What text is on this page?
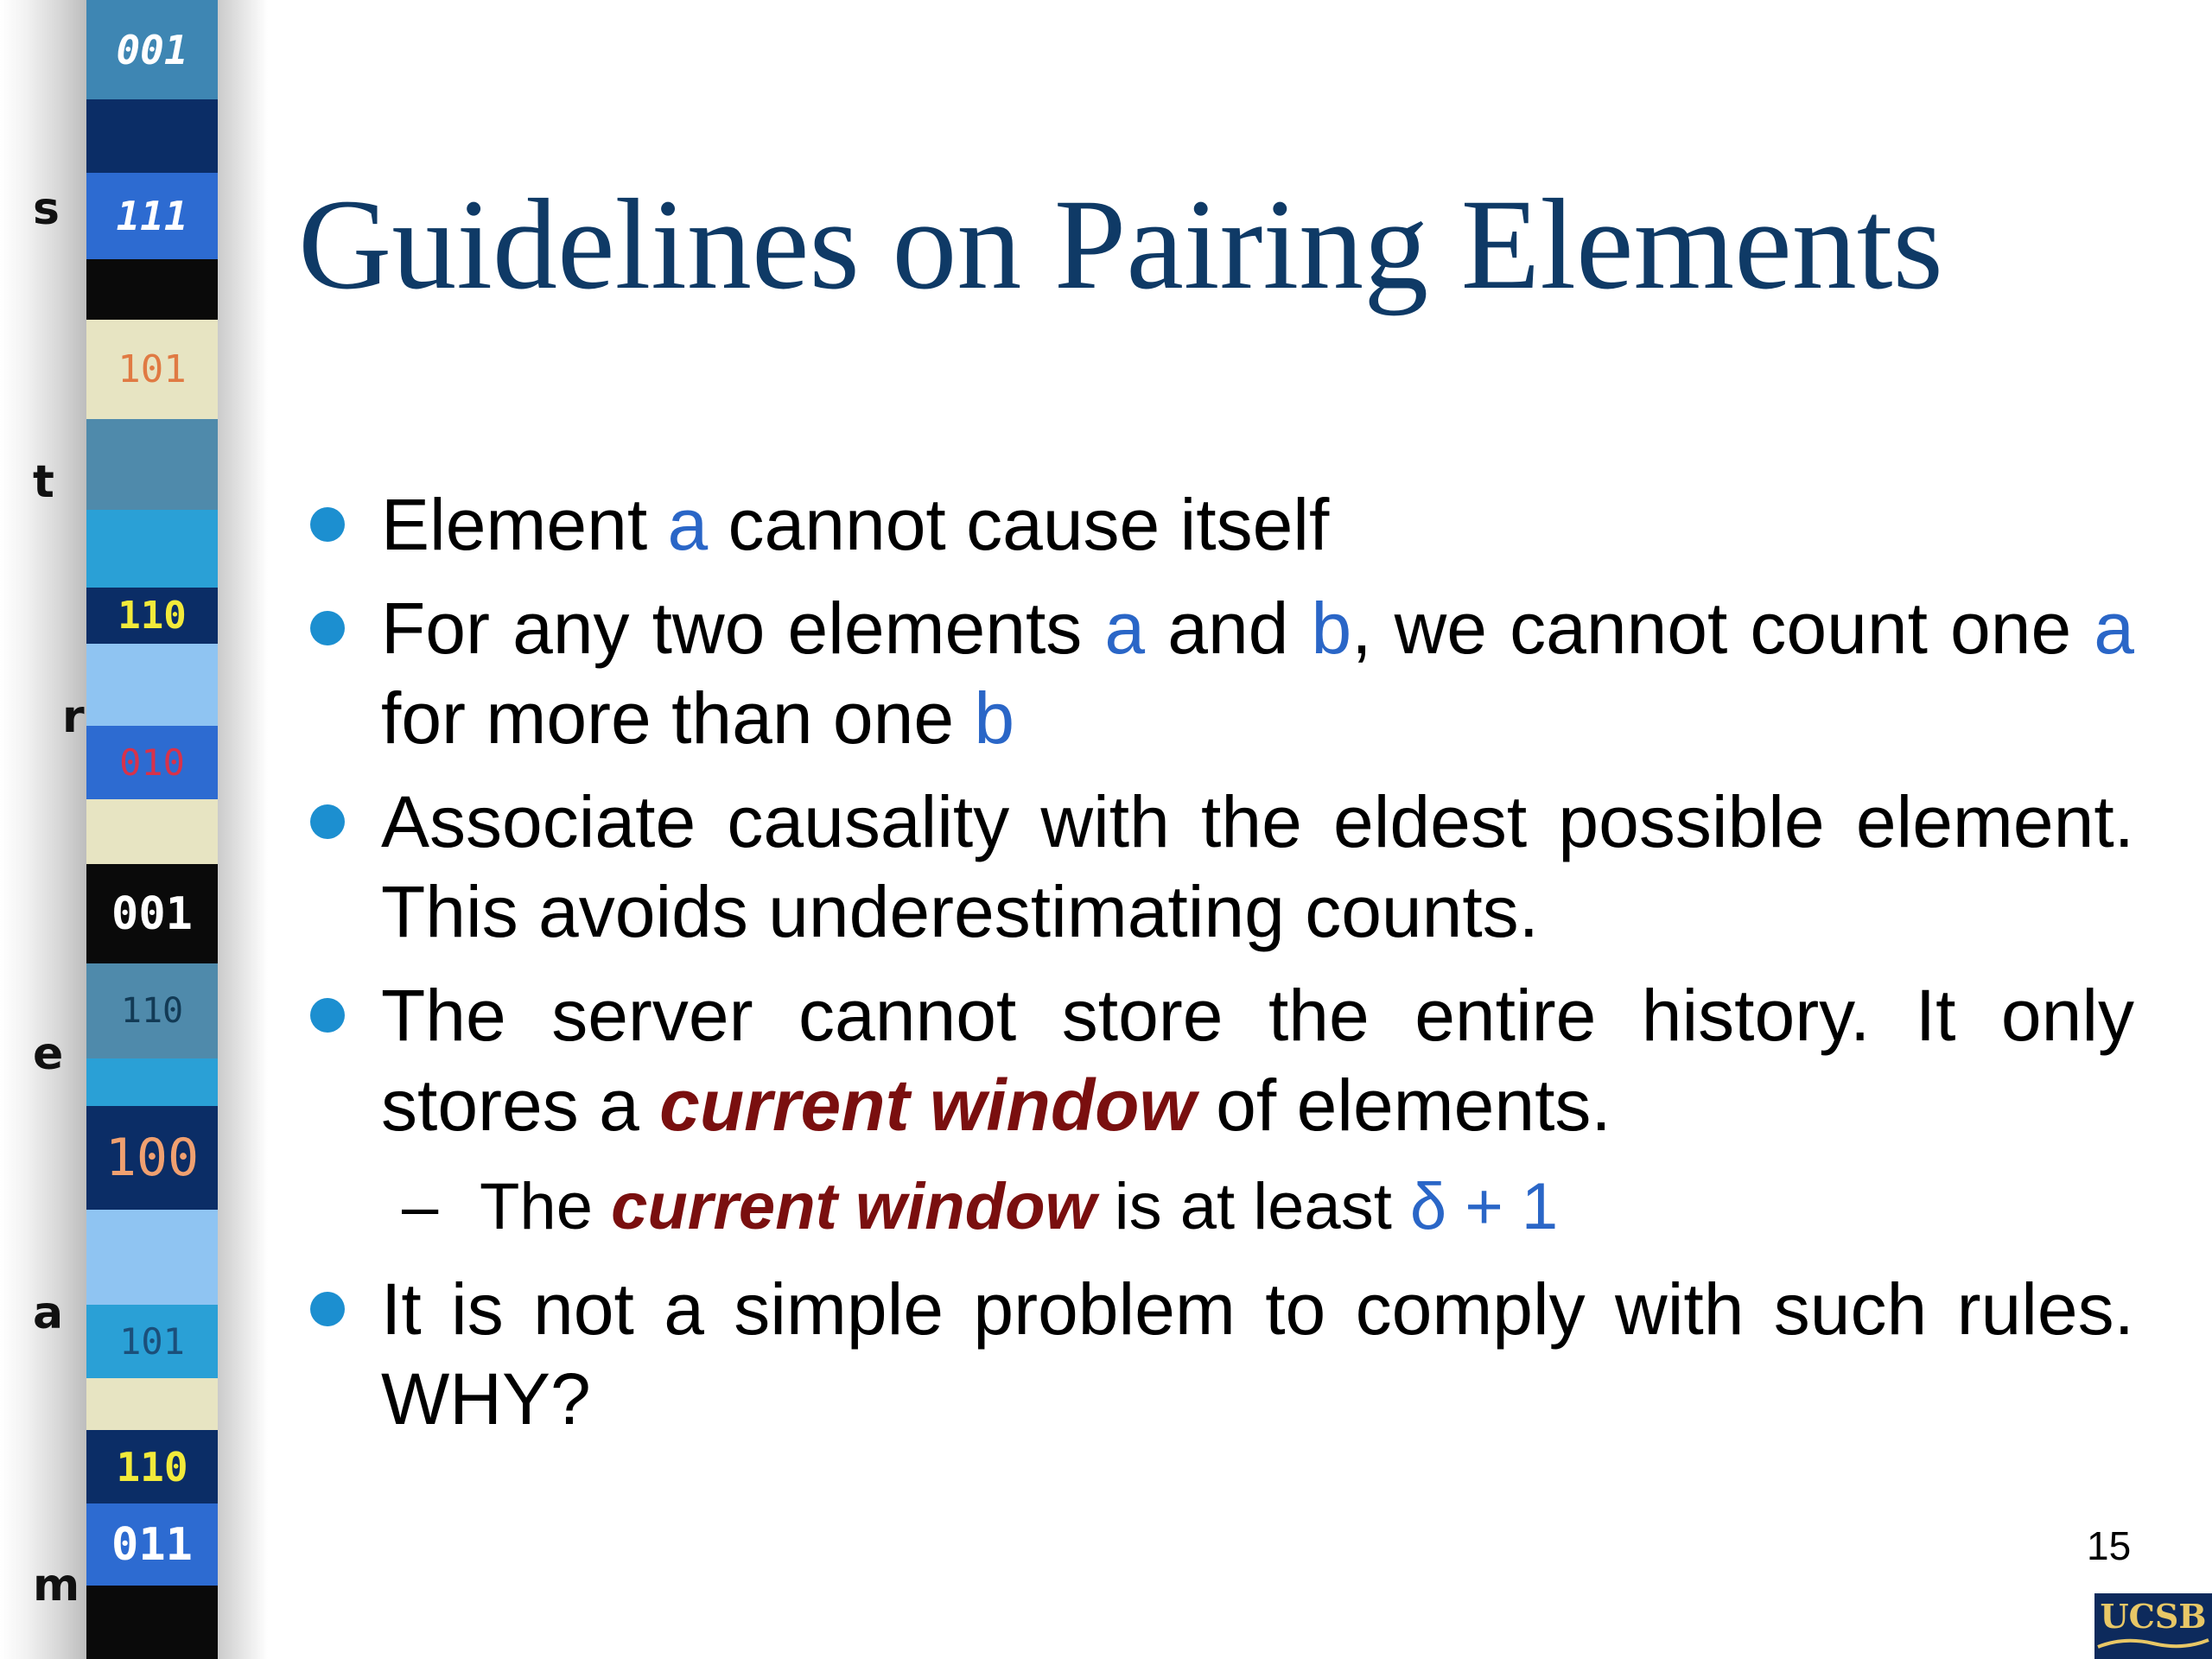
001
111
101
110
010
001
110
100
101
110
011
s
t
r
e
a
m
Guidelines on Pairing Elements
Element a cannot cause itself
For any two elements a and b, we cannot count one a for more than one b
Associate causality with the eldest possible element. This avoids underestimating counts.
The server cannot store the entire history. It only stores a current window of elements.
– The current window is at least δ + 1
It is not a simple problem to comply with such rules. WHY?
15
UCSB
